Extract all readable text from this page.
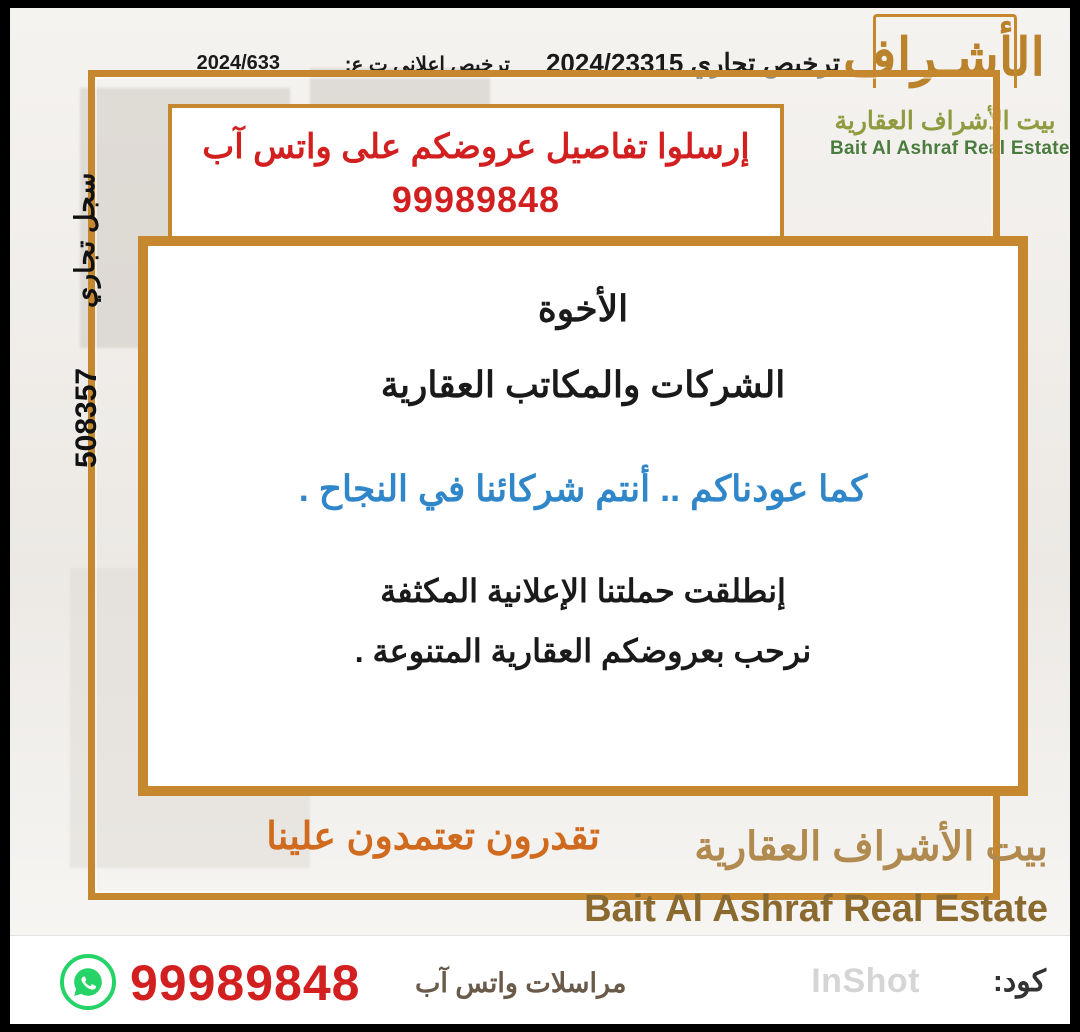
ترخيص تجاري 2024/23315
ترخيص إعلاني ت ع:
2024/633	الأشـراف
بيت الأشراف العقارية
Bait Al Ashraf Real Estate
سجل تجاري
508357
إرسلوا تفاصيل عروضكم على واتس آب
99989848
الأخوة
الشركات والمكاتب العقارية
كما عودناكم .. أنتم شركائنا في النجاح .
إنطلقت حملتنا الإعلانية المكثفة
نرحب بعروضكم العقارية المتنوعة .
تقدرون تعتمدون علينا بيت الأشراف العقارية
Bait Al Ashraf Real Estate
99989848 مراسلات واتس آب	InShot كود:
